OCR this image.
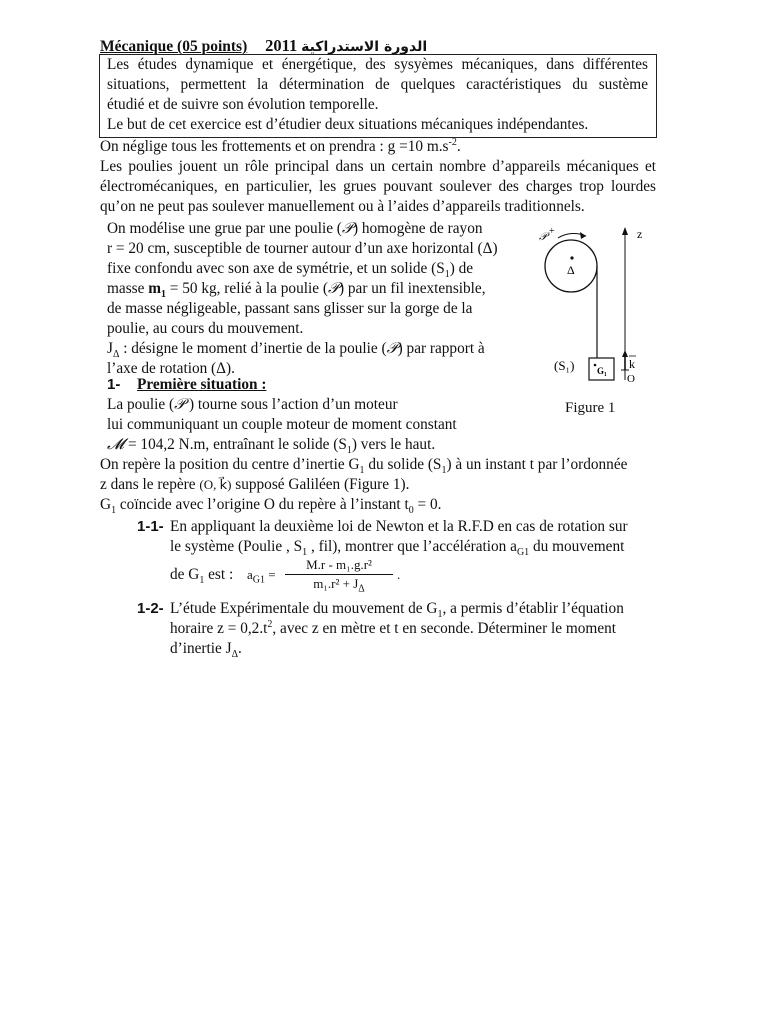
Mécanique (05 points) 2011 الدورة الاستدراكية
Les études dynamique et énergétique, des sysyèmes mécaniques, dans différentes
situations, permettent la détermination de quelques caractéristiques du sustème
étudié et de suivre son évolution temporelle.
Le but de cet exercice est d’étudier deux situations mécaniques indépendantes.
On néglige tous les frottements et on prendra : g =10 $m.s^{-2}$.
Les poulies jouent un rôle principal dans un certain nombre d’appareils mécaniques et
électromécaniques, en particulier, les grues pouvant soulever des charges trop lourdes
qu’on ne peut pas soulever manuellement ou à l’aides d’appareils traditionnels.
On modélise une grue par une poulie (𝒫) homogène de rayon
r = 20 cm, susceptible de tourner autour d’un axe horizontal (Δ)
fixe confondu avec son axe de symétrie, et un solide $(S_1)$ de
masse $m_1 = 50$ kg, relié à la poulie (𝒫) par un fil inextensible,
de masse négligeable, passant sans glisser sur la gorge de la
poulie, au cours du mouvement.
$J_\Delta$ : désigne le moment d’inertie de la poulie (𝒫) par rapport à
l’axe de rotation (Δ).
1- Première situation :
La poulie (𝒫 ) tourne sous l’action d’un moteur
lui communiquant un couple moteur de moment constant
𝓜 = 104,2 N.m, entraînant le solide $(S_1)$ vers le haut.
On repère la position du centre d’inertie $G_1$ du solide $(S_1)$ à un instant t par l’ordonnée
z dans le repère (O, k⃗) supposé Galiléen (Figure 1).
$G_1$ coïncide avec l’origine O du repère à l’instant $t_0 = 0$.
1-1- En appliquant la deuxième loi de Newton et la R.F.D en cas de rotation sur
le système (Poulie , $S_1$ , fil), montrer que l’accélération $a_{G1}$ du mouvement
de $G_1$ est : $a_{G1} = \frac{\text{M.r - m₁.g.r²}}{m_1.r^2 + J_\Delta}$ .
1-2- L’étude Expérimentale du mouvement de $G_1$, a permis d’établir l’équation
horaire $z = 0,2.t^2$, avec z en mètre et t en seconde. Déterminer le moment
d’inertie $J_\Delta$.
𝒫 +
Δ
G₁
(S₁)
z
k
O
Figure 1
